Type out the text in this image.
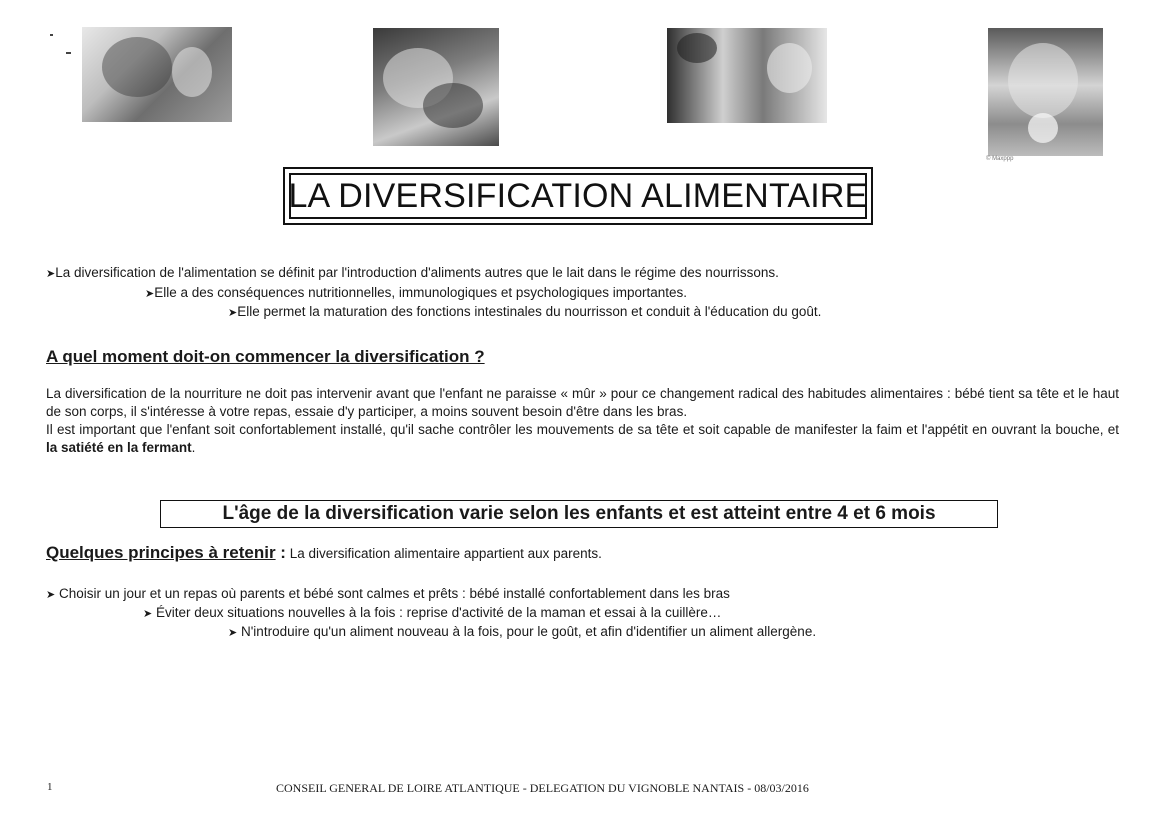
© Maxppp
LA DIVERSIFICATION ALIMENTAIRE
➤La diversification de l'alimentation se définit par l'introduction d'aliments autres que le lait dans le régime des nourrissons.
➤Elle a des conséquences nutritionnelles, immunologiques et psychologiques importantes.
➤Elle permet la maturation des fonctions intestinales du nourrisson et conduit à l'éducation du goût.
A quel moment doit-on commencer la diversification ?

La diversification de la nourriture ne doit pas intervenir avant que l'enfant ne paraisse « mûr » pour ce changement radical des habitudes alimentaires : bébé tient sa tête et le haut de son corps, il s'intéresse à votre repas, essaie d'y participer, a moins souvent besoin d'être dans les bras.

Il est important que l'enfant soit confortablement installé, qu'il sache contrôler les mouvements de sa tête et soit capable de manifester la faim et l'appétit en ouvrant la bouche, et la satiété en la fermant.

L'âge de la diversification varie selon les enfants et est atteint entre 4 et 6 mois
Quelques principes à retenir : La diversification alimentaire appartient aux parents.
➤ Choisir un jour et un repas où parents et bébé sont calmes et prêts : bébé installé confortablement dans les bras
➤ Éviter deux situations nouvelles à la fois : reprise d'activité de la maman et essai à la cuillère…
➤ N'introduire qu'un aliment nouveau à la fois, pour le goût, et afin d'identifier un aliment allergène.
1	CONSEIL GENERAL DE LOIRE ATLANTIQUE - DELEGATION DU VIGNOBLE NANTAIS - 08/03/2016
